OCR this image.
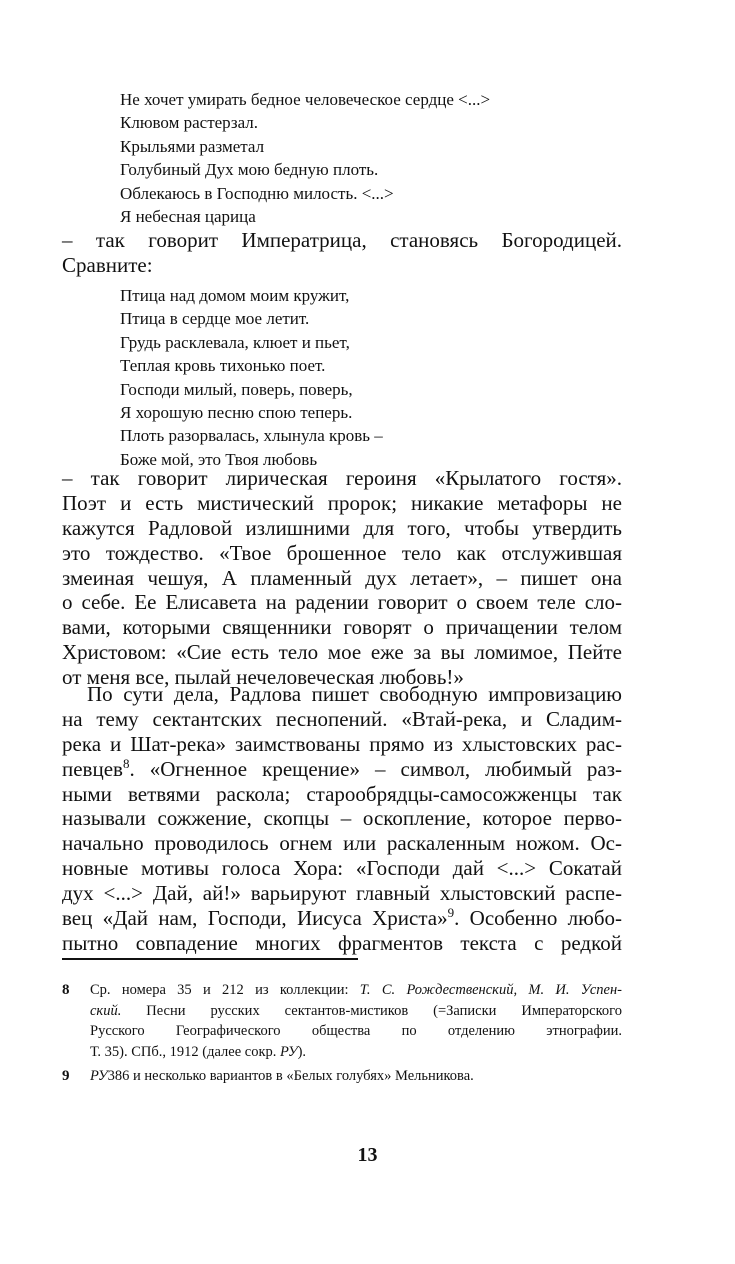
Не хочет умирать бедное человеческое сердце <...>
Клювом растерзал.
Крыльями разметал
Голубиный Дух мою бедную плоть.
Облекаюсь в Господню милость. <...>
Я небесная царица
– так говорит Императрица, становясь Богородицей.
Сравните:
Птица над домом моим кружит,
Птица в сердце мое летит.
Грудь расклевала, клюет и пьет,
Теплая кровь тихонько поет.
Господи милый, поверь, поверь,
Я хорошую песню спою теперь.
Плоть разорвалась, хлынула кровь –
Боже мой, это Твоя любовь
– так говорит лирическая героиня «Крылатого гостя».
Поэт и есть мистический пророк; никакие метафоры не
кажутся Радловой излишними для того, чтобы утвердить
это тождество. «Твое брошенное тело как отслужившая
змеиная чешуя, А пламенный дух летает», – пишет она
о себе. Ее Елисавета на радении говорит о своем теле сло-
вами, которыми священники говорят о причащении телом
Христовом: «Сие есть тело мое еже за вы ломимое, Пейте
от меня все, пылай нечеловеческая любовь!»
По сути дела, Радлова пишет свободную импровизацию
на тему сектантских песнопений. «Втай-река, и Сладим-
река и Шат-река» заимствованы прямо из хлыстовских рас-
певцев$^8$. «Огненное крещение» – символ, любимый раз-
ными ветвями раскола; старообрядцы-самосожженцы так
называли сожжение, скопцы – оскопление, которое перво-
начально проводилось огнем или раскаленным ножом. Ос-
новные мотивы голоса Хора: «Господи дай <...> Сокатай
дух <...> Дай, ай!» варьируют главный хлыстовский распе-
вец «Дай нам, Господи, Иисуса Христа»$^9$. Особенно любо-
пытно совпадение многих фрагментов текста с редкой
8 Ср. номера 35 и 212 из коллекции: Т. С. Рождественский, М. И. Успен-
ский. Песни русских сектантов-мистиков (=Записки Императорского
Русского Географического общества по отделению этнографии.
Т. 35). СПб., 1912 (далее сокр. РУ).
9 РУ386 и несколько вариантов в «Белых голубях» Мельникова.
13
